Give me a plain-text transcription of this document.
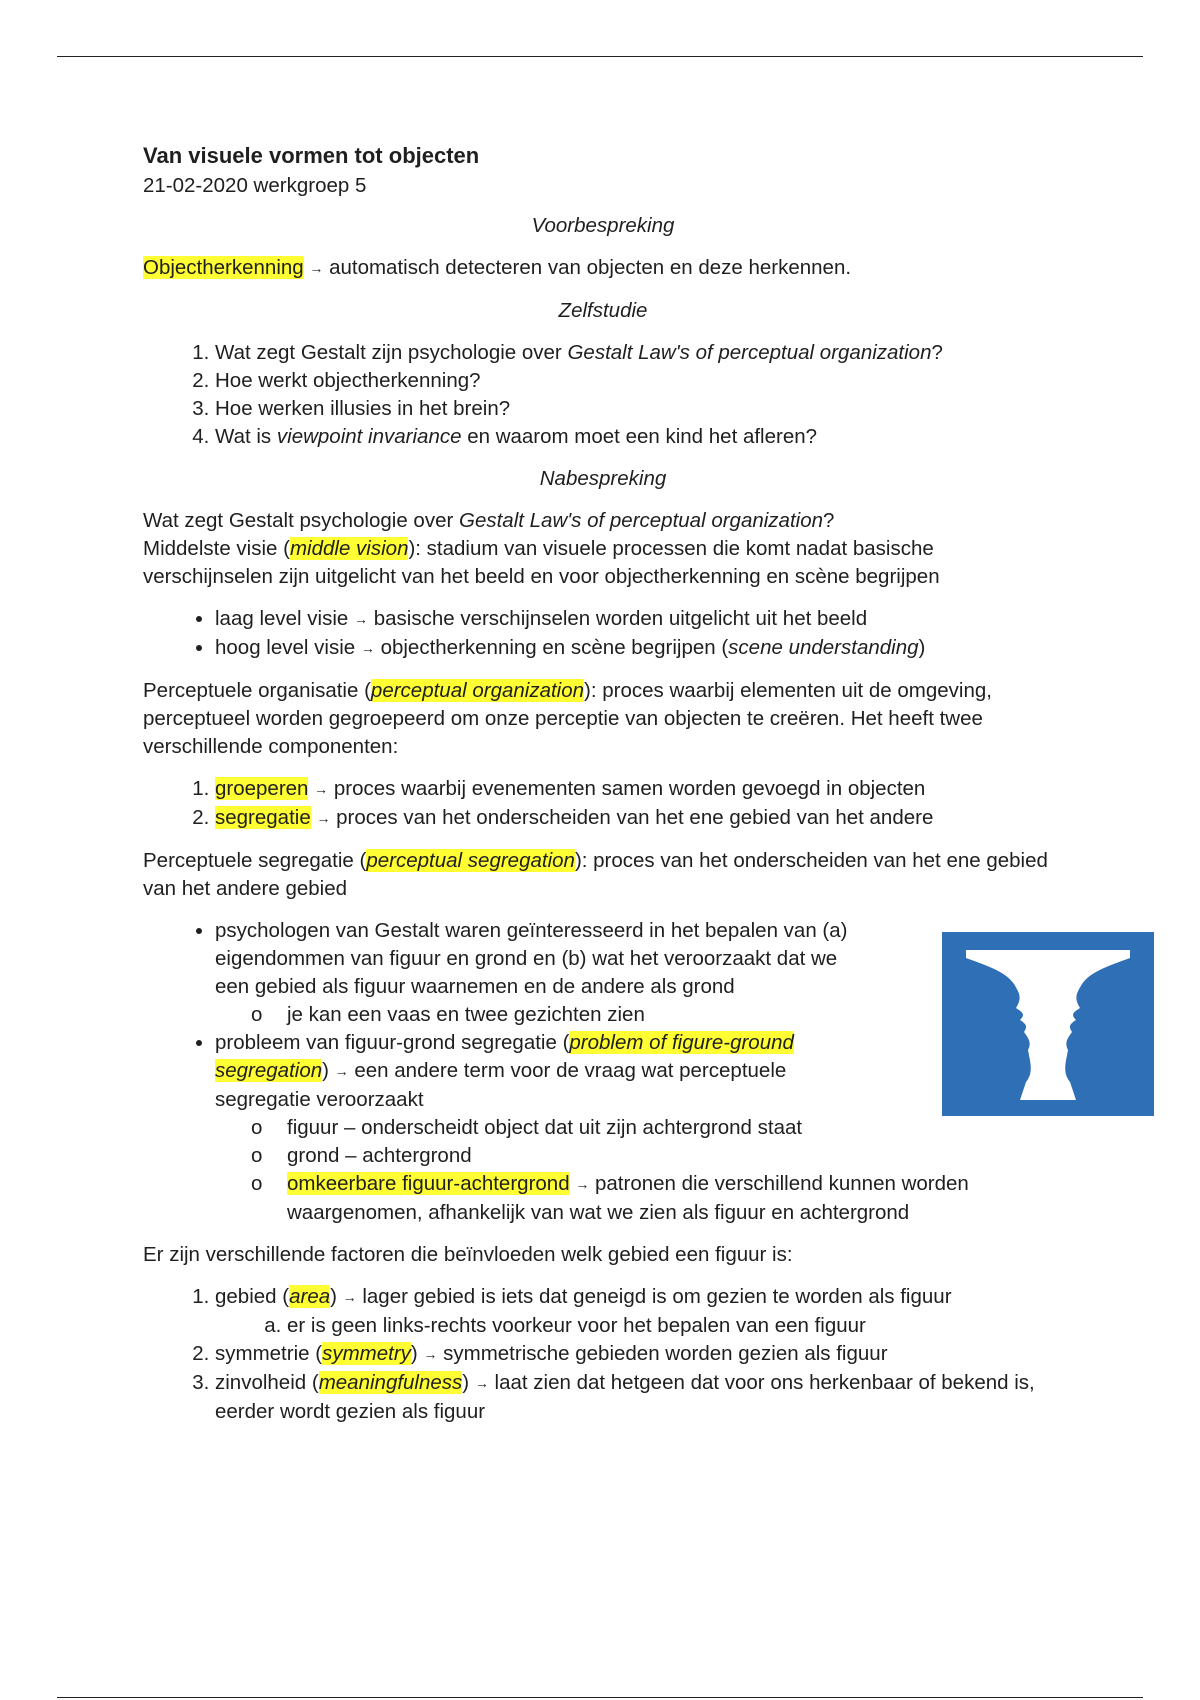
Van visuele vormen tot objecten

21-02-2020 werkgroep 5

Voorbespreking

Objectherkenning → automatisch detecteren van objecten en deze herkennen.

Zelfstudie

1. Wat zegt Gestalt zijn psychologie over Gestalt Law's of perceptual organization?
2. Hoe werkt objectherkenning?
3. Hoe werken illusies in het brein?
4. Wat is viewpoint invariance en waarom moet een kind het afleren?

Nabespreking

Wat zegt Gestalt psychologie over Gestalt Law's of perceptual organization?
Middelste visie (middle vision): stadium van visuele processen die komt nadat basische verschijnselen zijn uitgelicht van het beeld en voor objectherkenning en scène begrijpen

• laag level visie → basische verschijnselen worden uitgelicht uit het beeld
• hoog level visie → objectherkenning en scène begrijpen (scene understanding)

Perceptuele organisatie (perceptual organization): proces waarbij elementen uit de omgeving, perceptueel worden gegroepeerd om onze perceptie van objecten te creëren. Het heeft twee verschillende componenten:

1. groeperen → proces waarbij evenementen samen worden gevoegd in objecten
2. segregatie → proces van het onderscheiden van het ene gebied van het andere

Perceptuele segregatie (perceptual segregation): proces van het onderscheiden van het ene gebied van het andere gebied

• psychologen van Gestalt waren geïnteresseerd in het bepalen van (a) eigendommen van figuur en grond en (b) wat het veroorzaakt dat we een gebied als figuur waarnemen en de andere als grond
o je kan een vaas en twee gezichten zien
• probleem van figuur-grond segregatie (problem of figure-ground segregation) → een andere term voor de vraag wat perceptuele segregatie veroorzaakt
o figuur – onderscheidt object dat uit zijn achtergrond staat
o grond – achtergrond
o omkeerbare figuur-achtergrond → patronen die verschillend kunnen worden waargenomen, afhankelijk van wat we zien als figuur en achtergrond

Er zijn verschillende factoren die beïnvloeden welk gebied een figuur is:

1. gebied (area) → lager gebied is iets dat geneigd is om gezien te worden als figuur
a. er is geen links-rechts voorkeur voor het bepalen van een figuur
2. symmetrie (symmetry) → symmetrische gebieden worden gezien als figuur
3. zinvolheid (meaningfulness) → laat zien dat hetgeen dat voor ons herkenbaar of bekend is, eerder wordt gezien als figuur
